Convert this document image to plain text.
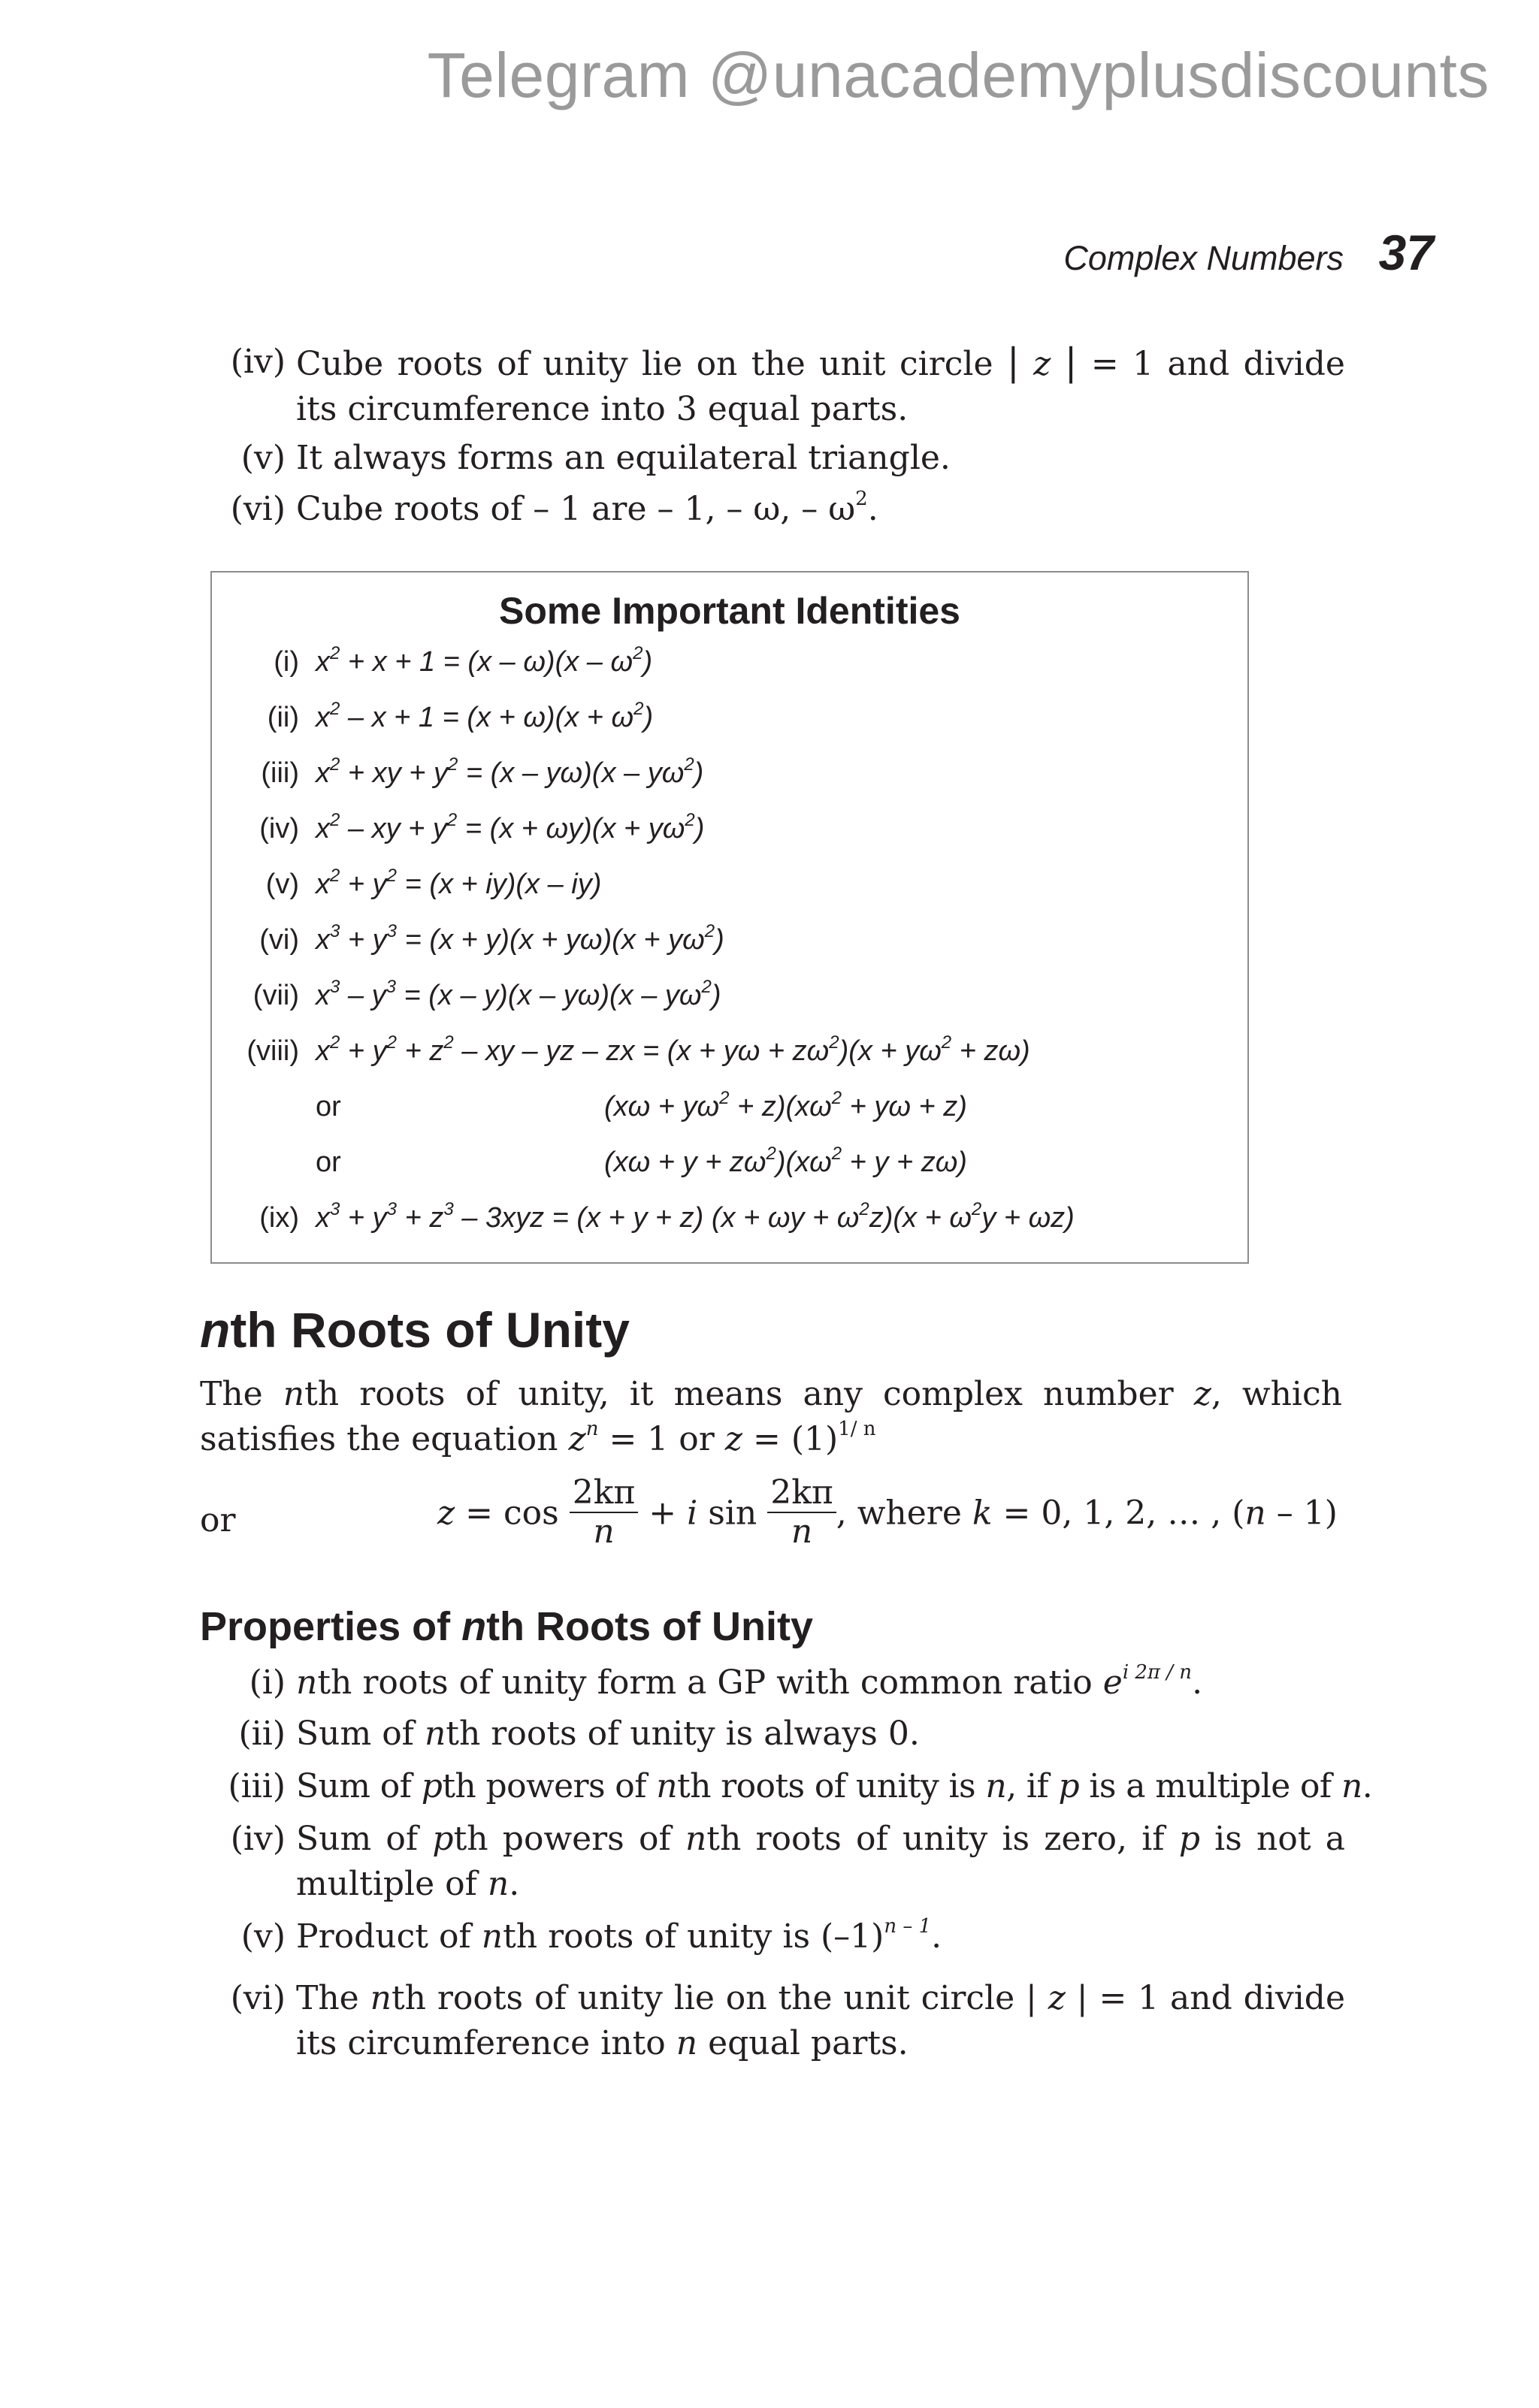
Telegram @unacademyplusdiscounts
Complex Numbers 37
(iv) Cube roots of unity lie on the unit circle | z | = 1 and divide its circumference into 3 equal parts.
(v) It always forms an equilateral triangle.
(vi) Cube roots of – 1 are – 1, – ω, – $\omega^2$.
Some Important Identities
(i) $x^2 + x + 1 = (x - \omega)(x - \omega^2)$
(ii) $x^2 - x + 1 = (x + \omega)(x + \omega^2)$
(iii) $x^2$ + xy + $y^2 = (x - y\omega)(x - y\omega^2)$
(iv) $x^2$ – xy + $y^2 = (x + \omega y)(x + y\omega^2)$
(v) $x^2 + y^2 = (x + iy)(x - iy)$
(vi) $x^3 + y^3 = (x + y)(x + y\omega)(x + y\omega^2)$
(vii) $x^3 - y^3 = (x - y)(x - y\omega)(x - y\omega^2)$
(viii) $x^2 + y^2 + z^2$ – xy – yz – zx = $(x + y\omega + z\omega^2)(x + y\omega^2 + z\omega)$
or	$(x\omega + y\omega^2 + z)(x\omega^2 + y\omega + z)$
or	$(x\omega + y + z\omega^2)(x\omega^2 + y + z\omega)$
(ix) $x^3 + y^3 + z^3 - 3xyz = (x + y + z) (x + \omega y + \omega^2z)(x + \omega^2y + \omega z)$
nth Roots of Unity
The nth roots of unity, it means any complex number z, which satisfies the equation $z^n = 1$ or $z = (1)^{1/ n}$
or	$z = \cos \frac{2k\pi}{n} + i$ $\sin \frac{2k\pi}{n}$ , where k = 0, 1, 2, … , (n – 1)
Properties of nth Roots of Unity
(i) nth roots of unity form a GP with common ratio $e^{i 2\pi / n}$.
(ii) Sum of nth roots of unity is always 0.
(iii) Sum of pth powers of nth roots of unity is n, if p is a multiple of n.
(iv) Sum of pth powers of nth roots of unity is zero, if p is not a multiple of n.
(v) Product of nth roots of unity is $(-1)^{n - 1}$.
(vi) The nth roots of unity lie on the unit circle | z | = 1 and divide its circumference into n equal parts.
